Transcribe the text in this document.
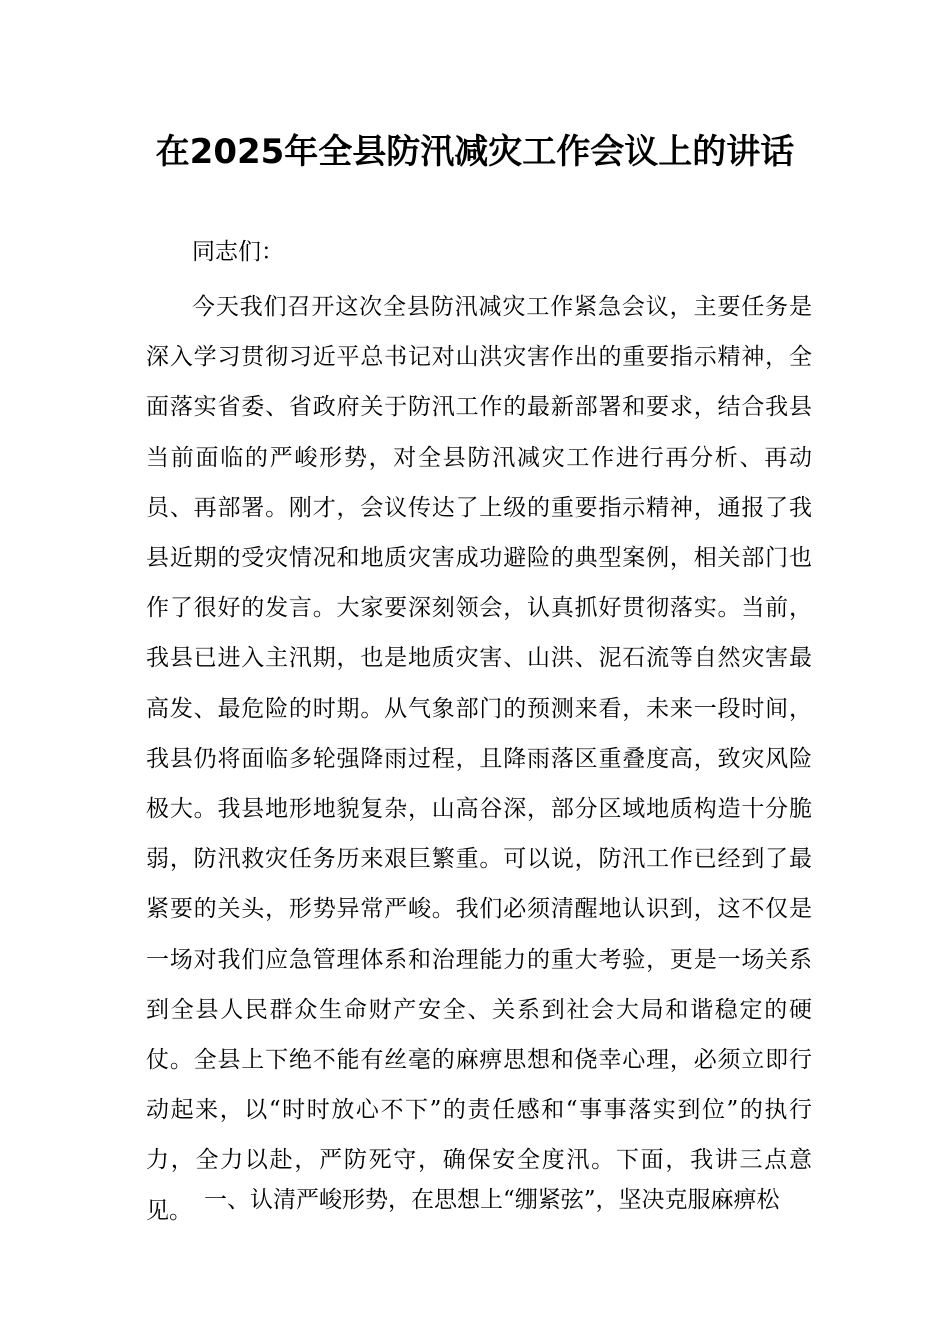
在2025年全县防汛减灾工作会议上的讲话

同志们：

今天我们召开这次全县防汛减灾工作紧急会议，主要任务是深入学习贯彻习近平总书记对山洪灾害作出的重要指示精神，全面落实省委、省政府关于防汛工作的最新部署和要求，结合我县当前面临的严峻形势，对全县防汛减灾工作进行再分析、再动员、再部署。刚才，会议传达了上级的重要指示精神，通报了我县近期的受灾情况和地质灾害成功避险的典型案例，相关部门也作了很好的发言。大家要深刻领会，认真抓好贯彻落实。当前，我县已进入主汛期，也是地质灾害、山洪、泥石流等自然灾害最高发、最危险的时期。从气象部门的预测来看，未来一段时间，我县仍将面临多轮强降雨过程，且降雨落区重叠度高，致灾风险极大。我县地形地貌复杂，山高谷深，部分区域地质构造十分脆弱，防汛救灾任务历来艰巨繁重。可以说，防汛工作已经到了最紧要的关头，形势异常严峻。我们必须清醒地认识到，这不仅是一场对我们应急管理体系和治理能力的重大考验，更是一场关系到全县人民群众生命财产安全、关系到社会大局和谐稳定的硬仗。全县上下绝不能有丝毫的麻痹思想和侥幸心理，必须立即行动起来，以“时时放心不下”的责任感和“事事落实到位”的执行力，全力以赴，严防死守，确保安全度汛。下面，我讲三点意见。 一、认清严峻形势，在思想上“绷紧弦”，坚决克服麻痹松
